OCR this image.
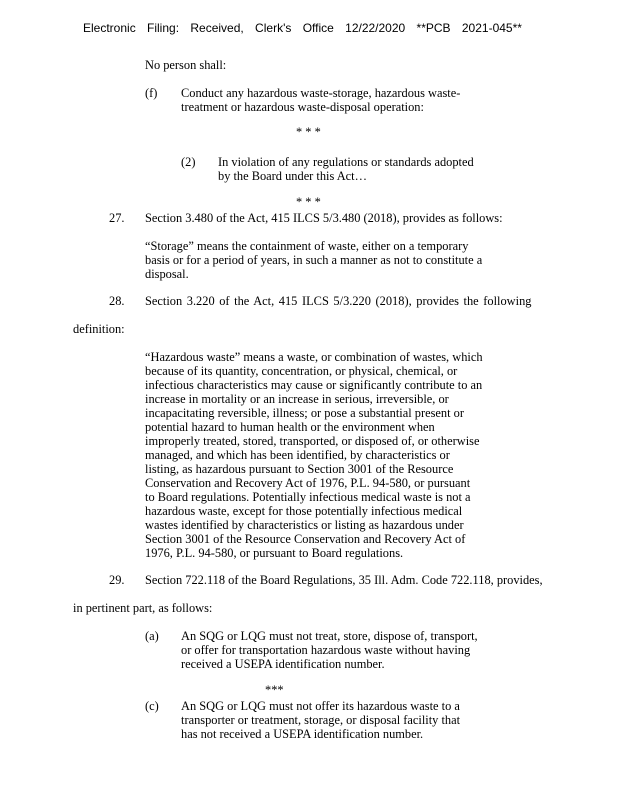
Electronic Filing: Received, Clerk's Office 12/22/2020 **PCB 2021-045**
No person shall:
(f) Conduct any hazardous waste-storage, hazardous waste-
treatment or hazardous waste-disposal operation:
* * *
(2) In violation of any regulations or standards adopted
by the Board under this Act…
* * *
27. Section 3.480 of the Act, 415 ILCS 5/3.480 (2018), provides as follows:
“Storage” means the containment of waste, either on a temporary
basis or for a period of years, in such a manner as not to constitute a
disposal.
28. Section 3.220 of the Act, 415 ILCS 5/3.220 (2018), provides the following
definition:
“Hazardous waste” means a waste, or combination of wastes, which
because of its quantity, concentration, or physical, chemical, or
infectious characteristics may cause or significantly contribute to an
increase in mortality or an increase in serious, irreversible, or
incapacitating reversible, illness; or pose a substantial present or
potential hazard to human health or the environment when
improperly treated, stored, transported, or disposed of, or otherwise
managed, and which has been identified, by characteristics or
listing, as hazardous pursuant to Section 3001 of the Resource
Conservation and Recovery Act of 1976, P.L. 94-580, or pursuant
to Board regulations. Potentially infectious medical waste is not a
hazardous waste, except for those potentially infectious medical
wastes identified by characteristics or listing as hazardous under
Section 3001 of the Resource Conservation and Recovery Act of
1976, P.L. 94-580, or pursuant to Board regulations.
29. Section 722.118 of the Board Regulations, 35 Ill. Adm. Code 722.118, provides,
in pertinent part, as follows:
(a) An SQG or LQG must not treat, store, dispose of, transport,
or offer for transportation hazardous waste without having
received a USEPA identification number.
***
(c) An SQG or LQG must not offer its hazardous waste to a
transporter or treatment, storage, or disposal facility that
has not received a USEPA identification number.
